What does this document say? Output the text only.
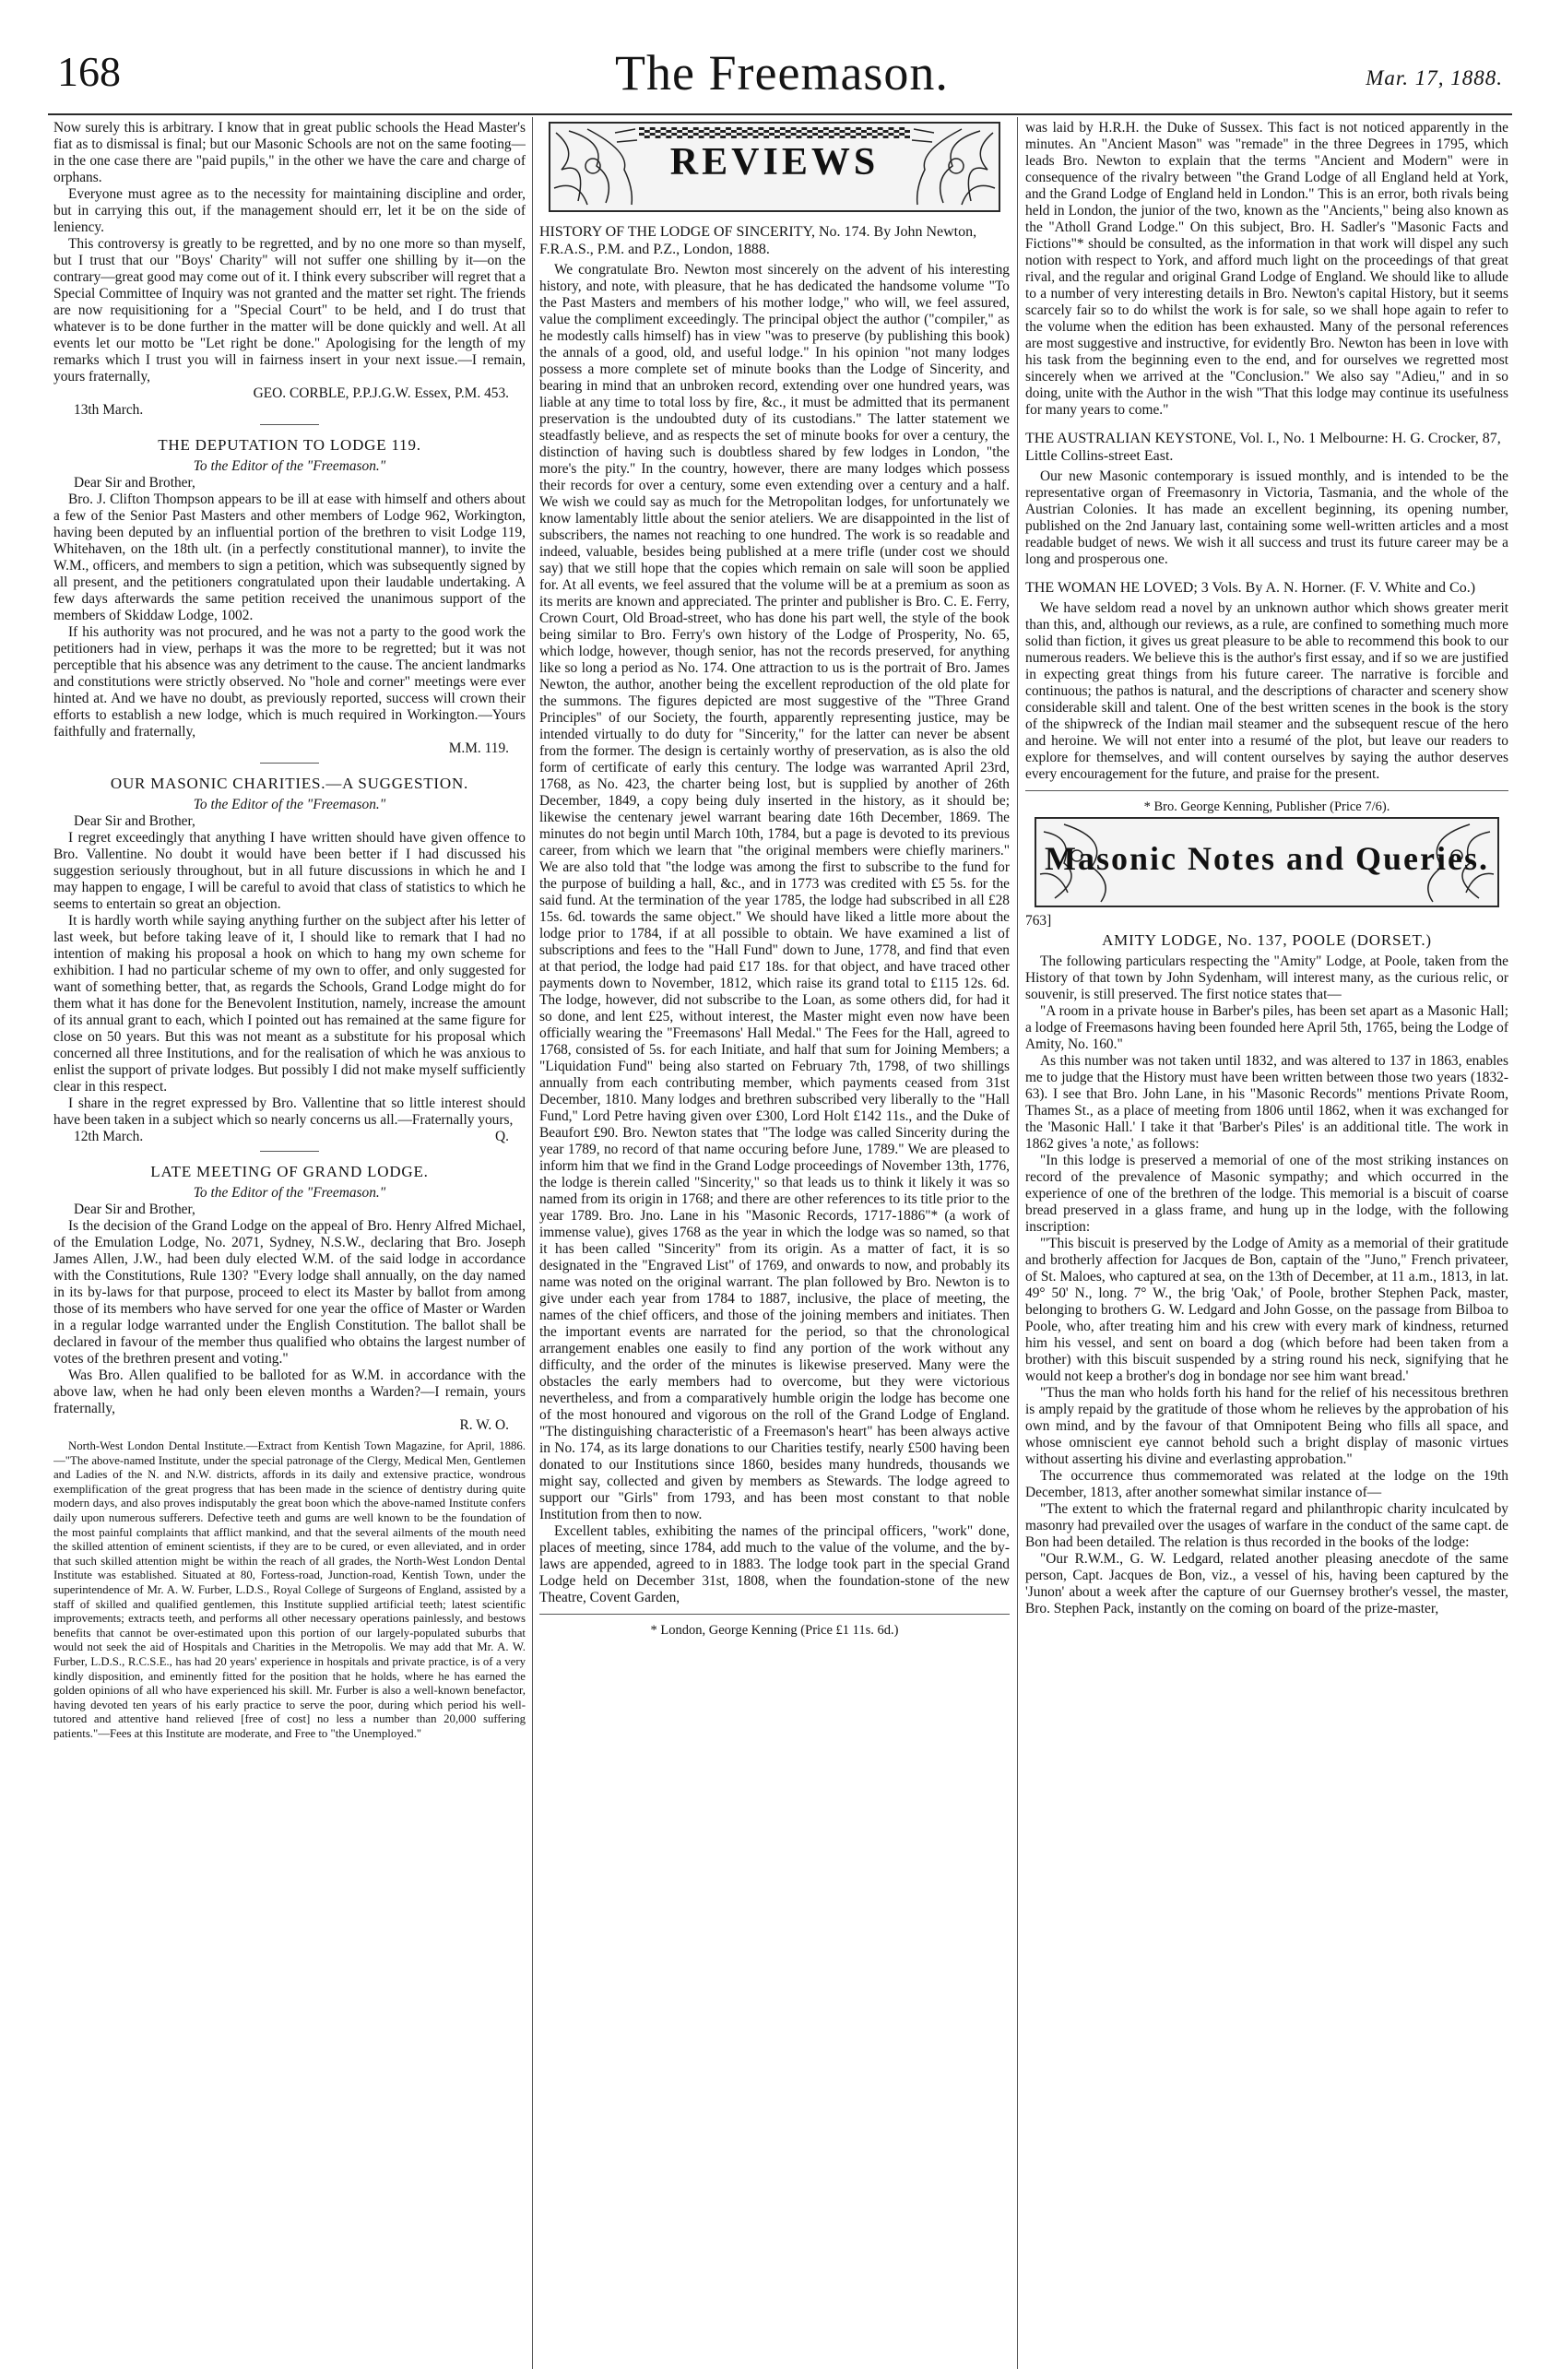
168	The Freemason.	Mar. 17, 1888.

Now surely this is arbitrary. I know that in great public schools the Head Master's fiat as to dismissal is final; but our Masonic Schools are not on the same footing—in the one case there are "paid pupils," in the other we have the care and charge of orphans.

Everyone must agree as to the necessity for maintaining discipline and order, but in carrying this out, if the management should err, let it be on the side of leniency.

This controversy is greatly to be regretted, and by no one more so than myself, but I trust that our "Boys' Charity" will not suffer one shilling by it—on the contrary—great good may come out of it. I think every subscriber will regret that a Special Committee of Inquiry was not granted and the matter set right. The friends are now requisitioning for a "Special Court" to be held, and I do trust that whatever is to be done further in the matter will be done quickly and well. At all events let our motto be "Let right be done." Apologising for the length of my remarks which I trust you will in fairness insert in your next issue.—I remain, yours fraternally,

GEO. CORBLE, P.P.J.G.W. Essex, P.M. 453.

13th March.

THE DEPUTATION TO LODGE 119.

To the Editor of the "Freemason."

Dear Sir and Brother,

Bro. J. Clifton Thompson appears to be ill at ease with himself and others about a few of the Senior Past Masters and other members of Lodge 962, Workington, having been deputed by an influential portion of the brethren to visit Lodge 119, Whitehaven, on the 18th ult. (in a perfectly constitutional manner), to invite the W.M., officers, and members to sign a petition, which was subsequently signed by all present, and the petitioners congratulated upon their laudable undertaking. A few days afterwards the same petition received the unanimous support of the members of Skiddaw Lodge, 1002.

If his authority was not procured, and he was not a party to the good work the petitioners had in view, perhaps it was the more to be regretted; but it was not perceptible that his absence was any detriment to the cause. The ancient landmarks and constitutions were strictly observed. No "hole and corner" meetings were ever hinted at. And we have no doubt, as previously reported, success will crown their efforts to establish a new lodge, which is much required in Workington.—Yours faithfully and fraternally,

M.M. 119.

OUR MASONIC CHARITIES.—A SUGGESTION.

To the Editor of the "Freemason."

Dear Sir and Brother,

I regret exceedingly that anything I have written should have given offence to Bro. Vallentine. No doubt it would have been better if I had discussed his suggestion seriously throughout, but in all future discussions in which he and I may happen to engage, I will be careful to avoid that class of statistics to which he seems to entertain so great an objection.

It is hardly worth while saying anything further on the subject after his letter of last week, but before taking leave of it, I should like to remark that I had no intention of making his proposal a hook on which to hang my own scheme for exhibition. I had no particular scheme of my own to offer, and only suggested for want of something better, that, as regards the Schools, Grand Lodge might do for them what it has done for the Benevolent Institution, namely, increase the amount of its annual grant to each, which I pointed out has remained at the same figure for close on 50 years. But this was not meant as a substitute for his proposal which concerned all three Institutions, and for the realisation of which he was anxious to enlist the support of private lodges. But possibly I did not make myself sufficiently clear in this respect.

I share in the regret expressed by Bro. Vallentine that so little interest should have been taken in a subject which so nearly concerns us all.—Fraternally yours,

12th March.	Q.

LATE MEETING OF GRAND LODGE.

To the Editor of the "Freemason."

Dear Sir and Brother,

Is the decision of the Grand Lodge on the appeal of Bro. Henry Alfred Michael, of the Emulation Lodge, No. 2071, Sydney, N.S.W., declaring that Bro. Joseph James Allen, J.W., had been duly elected W.M. of the said lodge in accordance with the Constitutions, Rule 130? "Every lodge shall annually, on the day named in its by-laws for that purpose, proceed to elect its Master by ballot from among those of its members who have served for one year the office of Master or Warden in a regular lodge warranted under the English Constitution. The ballot shall be declared in favour of the member thus qualified who obtains the largest number of votes of the brethren present and voting."

Was Bro. Allen qualified to be balloted for as W.M. in accordance with the above law, when he had only been eleven months a Warden?—I remain, yours fraternally,

R. W. O.

North-West London Dental Institute.—Extract from Kentish Town Magazine, for April, 1886.—"The above-named Institute, under the special patronage of the Clergy, Medical Men, Gentlemen and Ladies of the N. and N.W. districts, affords in its daily and extensive practice, wondrous exemplification of the great progress that has been made in the science of dentistry during quite modern days, and also proves indisputably the great boon which the above-named Institute confers daily upon numerous sufferers. Defective teeth and gums are well known to be the foundation of the most painful complaints that afflict mankind, and that the several ailments of the mouth need the skilled attention of eminent scientists, if they are to be cured, or even alleviated, and in order that such skilled attention might be within the reach of all grades, the North-West London Dental Institute was established. Situated at 80, Fortess-road, Junction-road, Kentish Town, under the superintendence of Mr. A. W. Furber, L.D.S., Royal College of Surgeons of England, assisted by a staff of skilled and qualified gentlemen, this Institute supplied artificial teeth; latest scientific improvements; extracts teeth, and performs all other necessary operations painlessly, and bestows benefits that cannot be over-estimated upon this portion of our largely-populated suburbs that would not seek the aid of Hospitals and Charities in the Metropolis. We may add that Mr. A. W. Furber, L.D.S., R.C.S.E., has had 20 years' experience in hospitals and private practice, is of a very kindly disposition, and eminently fitted for the position that he holds, where he has earned the golden opinions of all who have experienced his skill. Mr. Furber is also a well-known benefactor, having devoted ten years of his early practice to serve the poor, during which period his well-tutored and attentive hand relieved [free of cost] no less a number than 20,000 suffering patients."—Fees at this Institute are moderate, and Free to "the Unemployed."

REVIEWS
HISTORY OF THE LODGE OF SINCERITY, No. 174. By John Newton, F.R.A.S., P.M. and P.Z., London, 1888.

We congratulate Bro. Newton most sincerely on the advent of his interesting history, and note, with pleasure, that he has dedicated the handsome volume "To the Past Masters and members of his mother lodge," who will, we feel assured, value the compliment exceedingly. The principal object the author ("compiler," as he modestly calls himself) has in view "was to preserve (by publishing this book) the annals of a good, old, and useful lodge." In his opinion "not many lodges possess a more complete set of minute books than the Lodge of Sincerity, and bearing in mind that an unbroken record, extending over one hundred years, was liable at any time to total loss by fire, &c., it must be admitted that its permanent preservation is the undoubted duty of its custodians." The latter statement we steadfastly believe, and as respects the set of minute books for over a century, the distinction of having such is doubtless shared by few lodges in London, "the more's the pity." In the country, however, there are many lodges which possess their records for over a century, some even extending over a century and a half. We wish we could say as much for the Metropolitan lodges, for unfortunately we know lamentably little about the senior ateliers. We are disappointed in the list of subscribers, the names not reaching to one hundred. The work is so readable and indeed, valuable, besides being published at a mere trifle (under cost we should say) that we still hope that the copies which remain on sale will soon be applied for. At all events, we feel assured that the volume will be at a premium as soon as its merits are known and appreciated. The printer and publisher is Bro. C. E. Ferry, Crown Court, Old Broad-street, who has done his part well, the style of the book being similar to Bro. Ferry's own history of the Lodge of Prosperity, No. 65, which lodge, however, though senior, has not the records preserved, for anything like so long a period as No. 174. One attraction to us is the portrait of Bro. James Newton, the author, another being the excellent reproduction of the old plate for the summons. The figures depicted are most suggestive of the "Three Grand Principles" of our Society, the fourth, apparently representing justice, may be intended virtually to do duty for "Sincerity," for the latter can never be absent from the former. The design is certainly worthy of preservation, as is also the old form of certificate of early this century. The lodge was warranted April 23rd, 1768, as No. 423, the charter being lost, but is supplied by another of 26th December, 1849, a copy being duly inserted in the history, as it should be; likewise the centenary jewel warrant bearing date 16th December, 1869. The minutes do not begin until March 10th, 1784, but a page is devoted to its previous career, from which we learn that "the original members were chiefly mariners." We are also told that "the lodge was among the first to subscribe to the fund for the purpose of building a hall, &c., and in 1773 was credited with £5 5s. for the said fund. At the termination of the year 1785, the lodge had subscribed in all £28 15s. 6d. towards the same object." We should have liked a little more about the lodge prior to 1784, if at all possible to obtain. We have examined a list of subscriptions and fees to the "Hall Fund" down to June, 1778, and find that even at that period, the lodge had paid £17 18s. for that object, and have traced other payments down to November, 1812, which raise its grand total to £115 12s. 6d. The lodge, however, did not subscribe to the Loan, as some others did, for had it so done, and lent £25, without interest, the Master might even now have been officially wearing the "Freemasons' Hall Medal." The Fees for the Hall, agreed to 1768, consisted of 5s. for each Initiate, and half that sum for Joining Members; a "Liquidation Fund" being also started on February 7th, 1798, of two shillings annually from each contributing member, which payments ceased from 31st December, 1810. Many lodges and brethren subscribed very liberally to the "Hall Fund," Lord Petre having given over £300, Lord Holt £142 11s., and the Duke of Beaufort £90. Bro. Newton states that "The lodge was called Sincerity during the year 1789, no record of that name occuring before June, 1789." We are pleased to inform him that we find in the Grand Lodge proceedings of November 13th, 1776, the lodge is therein called "Sincerity," so that leads us to think it likely it was so named from its origin in 1768; and there are other references to its title prior to the year 1789. Bro. Jno. Lane in his "Masonic Records, 1717-1886"* (a work of immense value), gives 1768 as the year in which the lodge was so named, so that it has been called "Sincerity" from its origin. As a matter of fact, it is so designated in the "Engraved List" of 1769, and onwards to now, and probably its name was noted on the original warrant. The plan followed by Bro. Newton is to give under each year from 1784 to 1887, inclusive, the place of meeting, the names of the chief officers, and those of the joining members and initiates. Then the important events are narrated for the period, so that the chronological arrangement enables one easily to find any portion of the work without any difficulty, and the order of the minutes is likewise preserved. Many were the obstacles the early members had to overcome, but they were victorious nevertheless, and from a comparatively humble origin the lodge has become one of the most honoured and vigorous on the roll of the Grand Lodge of England. "The distinguishing characteristic of a Freemason's heart" has been always active in No. 174, as its large donations to our Charities testify, nearly £500 having been donated to our Institutions since 1860, besides many hundreds, thousands we might say, collected and given by members as Stewards. The lodge agreed to support our "Girls" from 1793, and has been most constant to that noble Institution from then to now.

Excellent tables, exhibiting the names of the principal officers, "work" done, places of meeting, since 1784, add much to the value of the volume, and the by-laws are appended, agreed to in 1883. The lodge took part in the special Grand Lodge held on December 31st, 1808, when the foundation-stone of the new Theatre, Covent Garden,

* London, George Kenning (Price £1 11s. 6d.)

was laid by H.R.H. the Duke of Sussex. This fact is not noticed apparently in the minutes. An "Ancient Mason" was "remade" in the three Degrees in 1795, which leads Bro. Newton to explain that the terms "Ancient and Modern" were in consequence of the rivalry between "the Grand Lodge of all England held at York, and the Grand Lodge of England held in London." This is an error, both rivals being held in London, the junior of the two, known as the "Ancients," being also known as the "Atholl Grand Lodge." On this subject, Bro. H. Sadler's "Masonic Facts and Fictions"* should be consulted, as the information in that work will dispel any such notion with respect to York, and afford much light on the proceedings of that great rival, and the regular and original Grand Lodge of England. We should like to allude to a number of very interesting details in Bro. Newton's capital History, but it seems scarcely fair so to do whilst the work is for sale, so we shall hope again to refer to the volume when the edition has been exhausted. Many of the personal references are most suggestive and instructive, for evidently Bro. Newton has been in love with his task from the beginning even to the end, and for ourselves we regretted most sincerely when we arrived at the "Conclusion." We also say "Adieu," and in so doing, unite with the Author in the wish "That this lodge may continue its usefulness for many years to come."

THE AUSTRALIAN KEYSTONE, Vol. I., No. 1 Melbourne: H. G. Crocker, 87, Little Collins-street East.

Our new Masonic contemporary is issued monthly, and is intended to be the representative organ of Freemasonry in Victoria, Tasmania, and the whole of the Austrian Colonies. It has made an excellent beginning, its opening number, published on the 2nd January last, containing some well-written articles and a most readable budget of news. We wish it all success and trust its future career may be a long and prosperous one.

THE WOMAN HE LOVED; 3 Vols. By A. N. Horner. (F. V. White and Co.)

We have seldom read a novel by an unknown author which shows greater merit than this, and, although our reviews, as a rule, are confined to something much more solid than fiction, it gives us great pleasure to be able to recommend this book to our numerous readers. We believe this is the author's first essay, and if so we are justified in expecting great things from his future career. The narrative is forcible and continuous; the pathos is natural, and the descriptions of character and scenery show considerable skill and talent. One of the best written scenes in the book is the story of the shipwreck of the Indian mail steamer and the subsequent rescue of the hero and heroine. We will not enter into a resumé of the plot, but leave our readers to explore for themselves, and will content ourselves by saying the author deserves every encouragement for the future, and praise for the present.

* Bro. George Kenning, Publisher (Price 7/6).

Masonic Notes and Queries.

763]

AMITY LODGE, No. 137, POOLE (DORSET.)

The following particulars respecting the "Amity" Lodge, at Poole, taken from the History of that town by John Sydenham, will interest many, as the curious relic, or souvenir, is still preserved. The first notice states that—

"A room in a private house in Barber's piles, has been set apart as a Masonic Hall; a lodge of Freemasons having been founded here April 5th, 1765, being the Lodge of Amity, No. 160."

As this number was not taken until 1832, and was altered to 137 in 1863, enables me to judge that the History must have been written between those two years (1832-63). I see that Bro. John Lane, in his "Masonic Records" mentions Private Room, Thames St., as a place of meeting from 1806 until 1862, when it was exchanged for the 'Masonic Hall.' I take it that 'Barber's Piles' is an additional title. The work in 1862 gives 'a note,' as follows:

"In this lodge is preserved a memorial of one of the most striking instances on record of the prevalence of Masonic sympathy; and which occurred in the experience of one of the brethren of the lodge. This memorial is a biscuit of coarse bread preserved in a glass frame, and hung up in the lodge, with the following inscription:

"'This biscuit is preserved by the Lodge of Amity as a memorial of their gratitude and brotherly affection for Jacques de Bon, captain of the "Juno," French privateer, of St. Maloes, who captured at sea, on the 13th of December, at 11 a.m., 1813, in lat. 49° 50' N., long. 7° W., the brig 'Oak,' of Poole, brother Stephen Pack, master, belonging to brothers G. W. Ledgard and John Gosse, on the passage from Bilboa to Poole, who, after treating him and his crew with every mark of kindness, returned him his vessel, and sent on board a dog (which before had been taken from a brother) with this biscuit suspended by a string round his neck, signifying that he would not keep a brother's dog in bondage nor see him want bread.'

"Thus the man who holds forth his hand for the relief of his necessitous brethren is amply repaid by the gratitude of those whom he relieves by the approbation of his own mind, and by the favour of that Omnipotent Being who fills all space, and whose omniscient eye cannot behold such a bright display of masonic virtues without asserting his divine and everlasting approbation."

The occurrence thus commemorated was related at the lodge on the 19th December, 1813, after another somewhat similar instance of—

"The extent to which the fraternal regard and philanthropic charity inculcated by masonry had prevailed over the usages of warfare in the conduct of the same capt. de Bon had been detailed. The relation is thus recorded in the books of the lodge:

"Our R.W.M., G. W. Ledgard, related another pleasing anecdote of the same person, Capt. Jacques de Bon, viz., a vessel of his, having been captured by the 'Junon' about a week after the capture of our Guernsey brother's vessel, the master, Bro. Stephen Pack, instantly on the coming on board of the prize-master,
